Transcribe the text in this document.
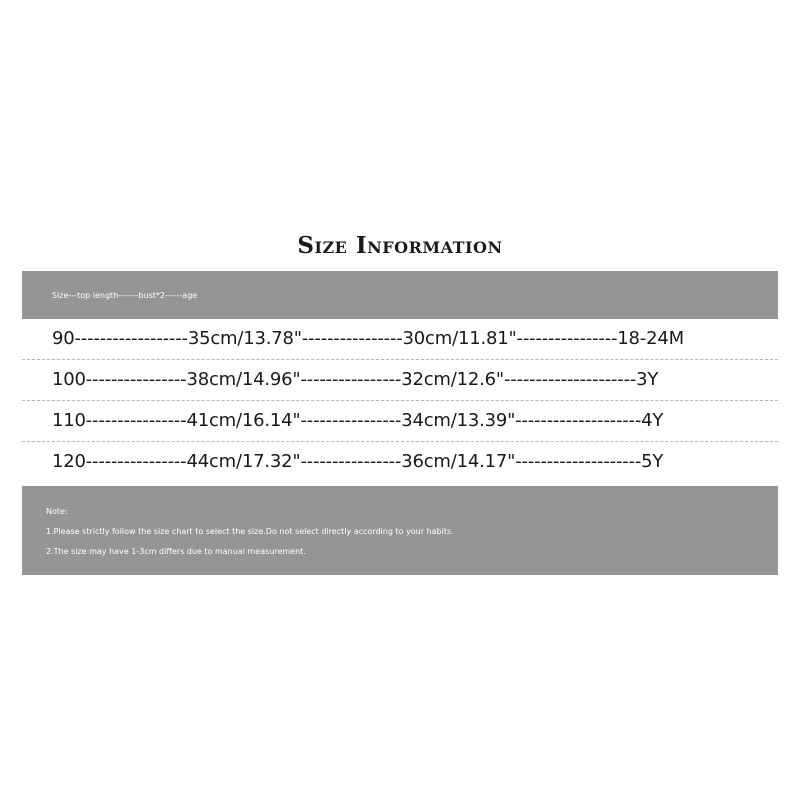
Size Information
Size---top length-------bust*2------age
90------------------35cm/13.78"----------------30cm/11.81"----------------18-24M
100----------------38cm/14.96"----------------32cm/12.6"---------------------3Y
110----------------41cm/16.14"----------------34cm/13.39"--------------------4Y
120----------------44cm/17.32"----------------36cm/14.17"--------------------5Y
Note:
1.Please strictly follow the size chart to select the size.Do not select directly according to your habits.
2.The size may have 1-3cm differs due to manual measurement.
